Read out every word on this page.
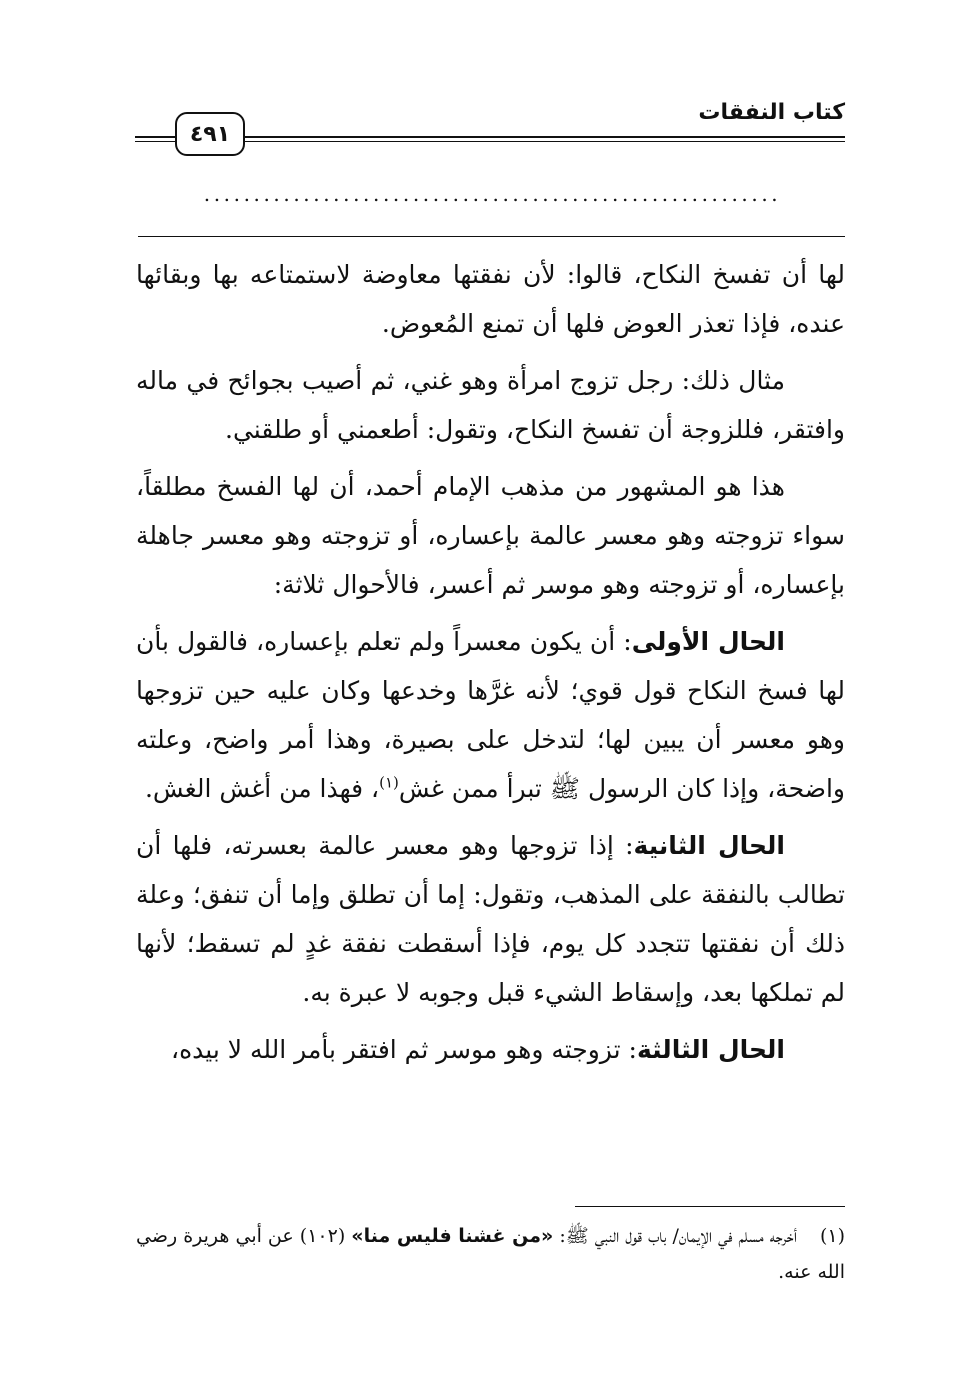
كتاب النفقات
٤٩١
..........................................................

لها أن تفسخ النكاح، قالوا: لأن نفقتها معاوضة لاستمتاعه بها وبقائها عنده، فإذا تعذر العوض فلها أن تمنع المُعوض.

مثال ذلك: رجل تزوج امرأة وهو غني، ثم أصيب بجوائح في ماله وافتقر، فللزوجة أن تفسخ النكاح، وتقول: أطعمني أو طلقني.

هذا هو المشهور من مذهب الإمام أحمد، أن لها الفسخ مطلقاً، سواء تزوجته وهو معسر عالمة بإعساره، أو تزوجته وهو معسر جاهلة بإعساره، أو تزوجته وهو موسر ثم أعسر، فالأحوال ثلاثة:

الحال الأولى: أن يكون معسراً ولم تعلم بإعساره، فالقول بأن لها فسخ النكاح قول قوي؛ لأنه غرَّها وخدعها وكان عليه حين تزوجها وهو معسر أن يبين لها؛ لتدخل على بصيرة، وهذا أمر واضح، وعلته واضحة، وإذا كان الرسول ﷺ تبرأ ممن غش$^{(١)}$، فهذا من أغش الغش.

الحال الثانية: إذا تزوجها وهو معسر عالمة بعسرته، فلها أن تطالب بالنفقة على المذهب، وتقول: إما أن تطلق وإما أن تنفق؛ وعلة ذلك أن نفقتها تتجدد كل يوم، فإذا أسقطت نفقة غدٍ لم تسقط؛ لأنها لم تملكها بعد، وإسقاط الشيء قبل وجوبه لا عبرة به.

الحال الثالثة: تزوجته وهو موسر ثم افتقر بأمر الله لا بيده،

(١)أخرجه مسلم في الإيمان/ باب قول النبي ﷺ: «من غشنا فليس منا» (١٠٢) عن أبي هريرة رضي الله عنه.
